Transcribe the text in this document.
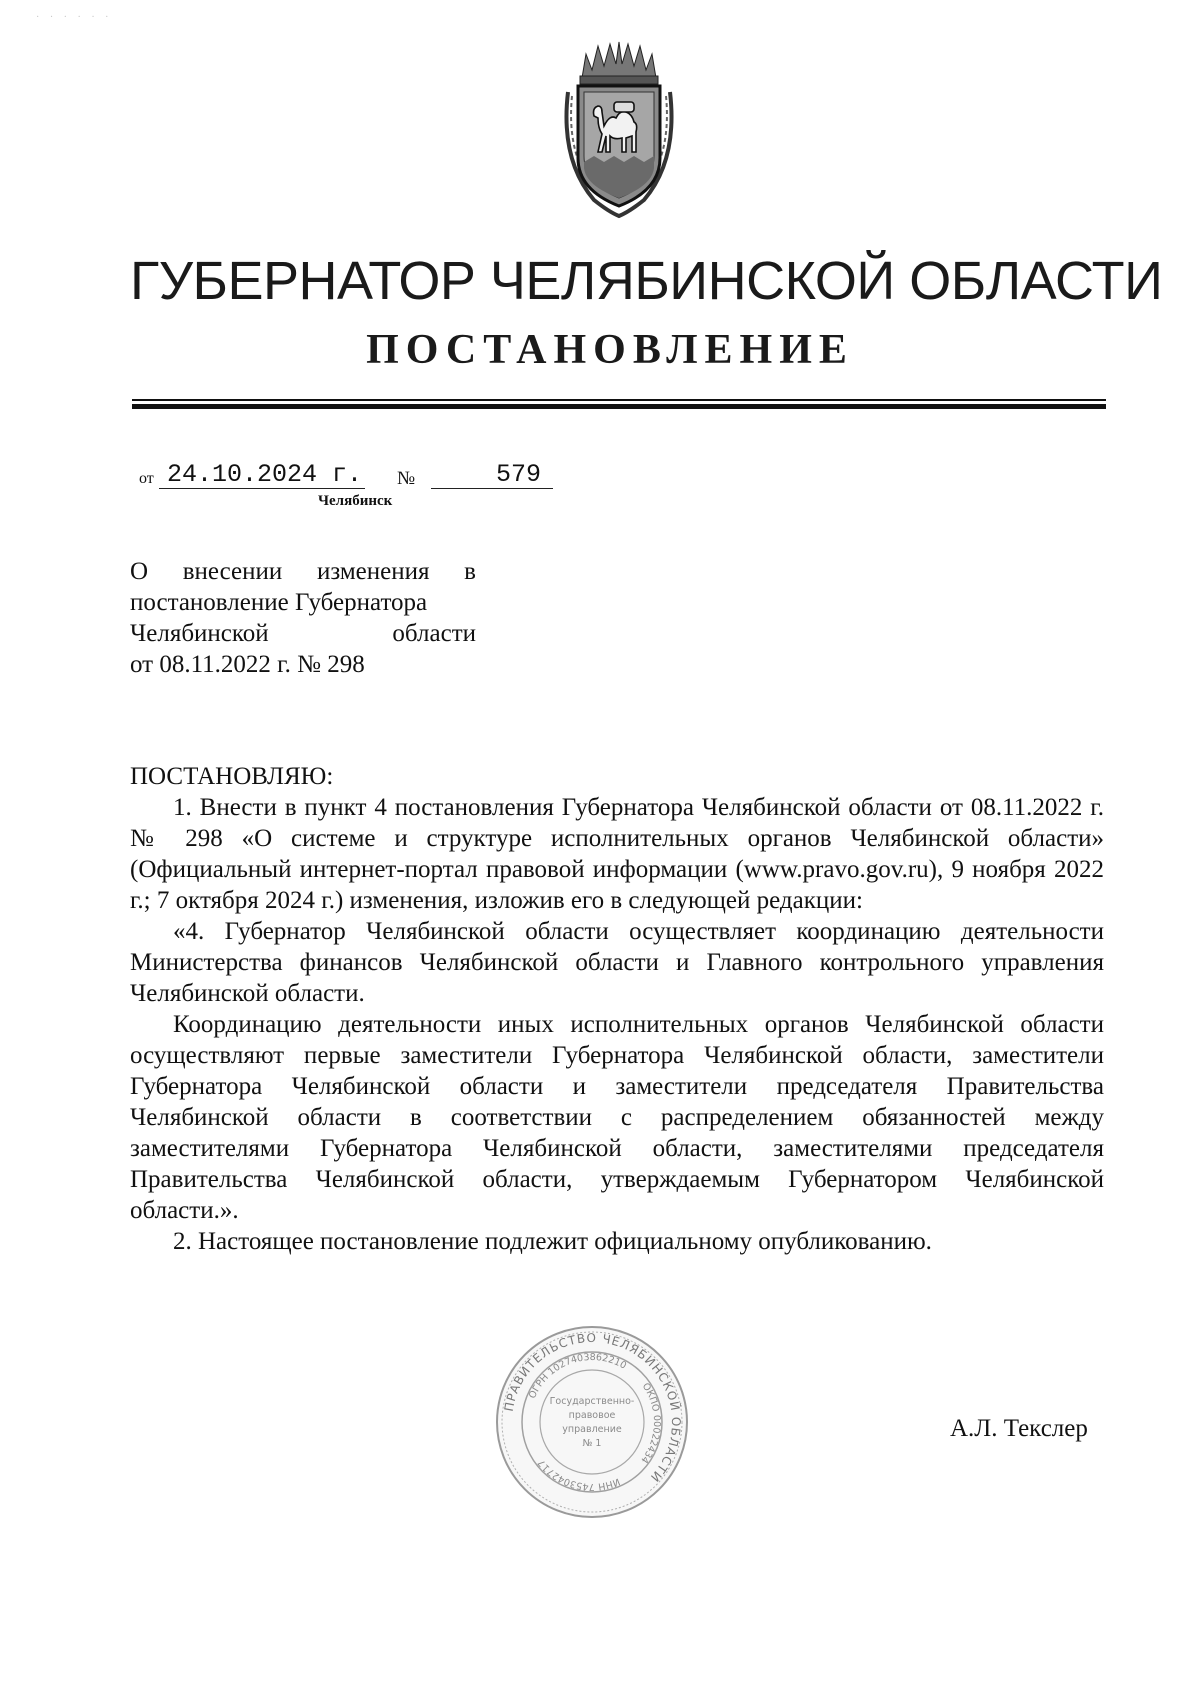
· · · · · ·
ГУБЕРНАТОР ЧЕЛЯБИНСКОЙ ОБЛАСТИ
ПОСТАНОВЛЕНИЕ
от 24.10.2024 г. №	579
Челябинск
О внесении изменения в
постановление Губернатора
Челябинской области
от 08.11.2022 г. № 298
ПОСТАНОВЛЯЮ:

1. Внести в пункт 4 постановления Губернатора Челябинской области от 08.11.2022 г. № 298 «О системе и структуре исполнительных органов Челябинской области» (Официальный интернет-портал правовой информации (www.pravo.gov.ru), 9 ноября 2022 г.; 7 октября 2024 г.) изменения, изложив его в следующей редакции:

«4. Губернатор Челябинской области осуществляет координацию деятельности Министерства финансов Челябинской области и Главного контрольного управления Челябинской области.

Координацию деятельности иных исполнительных органов Челябинской области осуществляют первые заместители Губернатора Челябинской области, заместители Губернатора Челябинской области и заместители председателя Правительства Челябинской области в соответствии с распределением обязанностей между заместителями Губернатора Челябинской области, заместителями председателя Правительства Челябинской области, утверждаемым Губернатором Челябинской области.».

2. Настоящее постановление подлежит официальному опубликованию.

ПРАВИТЕЛЬСТВО ЧЕЛЯБИНСКОЙ ОБЛАСТИ
ОГРН 1027403862210
ОКПО 00022434
ИНН 7453042717
Государственно-
правовое
управление
№ 1
А.Л. Текслер
